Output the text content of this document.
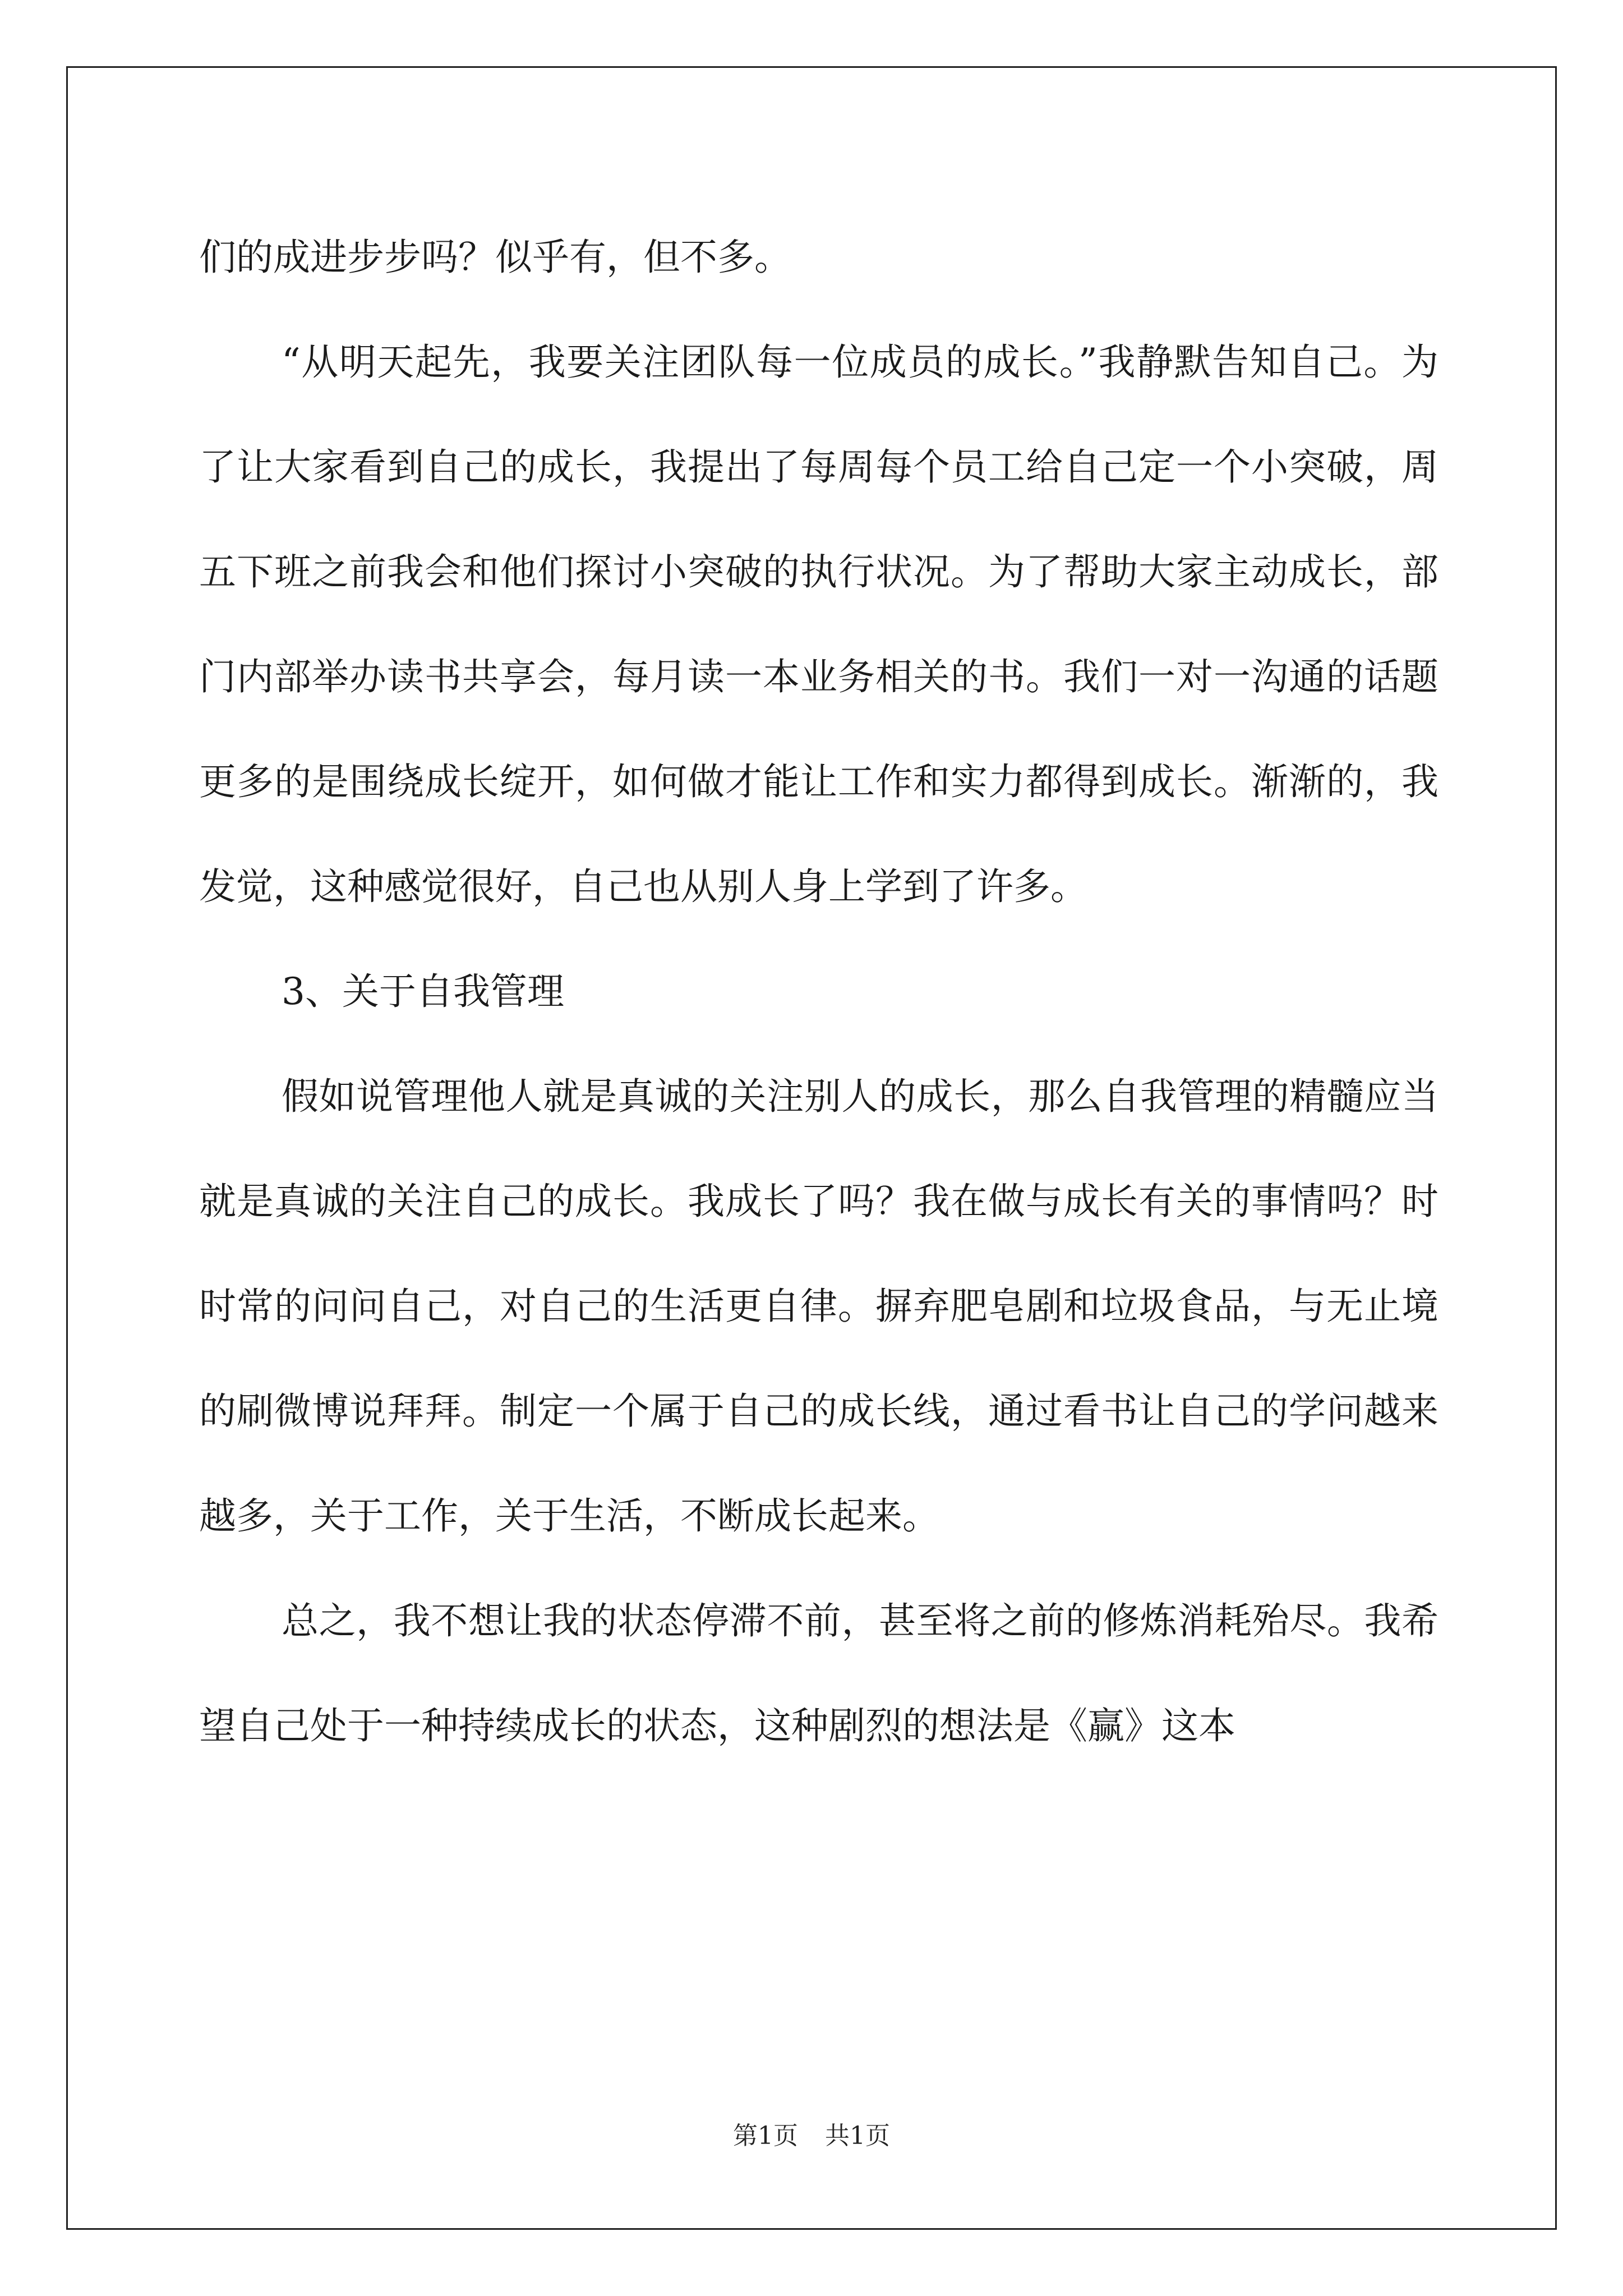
们的成进步步吗？似乎有，但不多。

“从明天起先，我要关注团队每一位成员的成长。”我静默告知自己。为了让大家看到自己的成长，我提出了每周每个员工给自己定一个小突破，周五下班之前我会和他们探讨小突破的执行状况。为了帮助大家主动成长，部门内部举办读书共享会，每月读一本业务相关的书。我们一对一沟通的话题更多的是围绕成长绽开，如何做才能让工作和实力都得到成长。渐渐的，我发觉，这种感觉很好，自己也从别人身上学到了许多。

3、关于自我管理

假如说管理他人就是真诚的关注别人的成长，那么自我管理的精髓应当就是真诚的关注自己的成长。我成长了吗？我在做与成长有关的事情吗？时时常的问问自己，对自己的生活更自律。摒弃肥皂剧和垃圾食品，与无止境的刷微博说拜拜。制定一个属于自己的成长线，通过看书让自己的学问越来越多，关于工作，关于生活，不断成长起来。

总之，我不想让我的状态停滞不前，甚至将之前的修炼消耗殆尽。我希望自己处于一种持续成长的状态，这种剧烈的想法是《赢》这本

第1页 共1页
